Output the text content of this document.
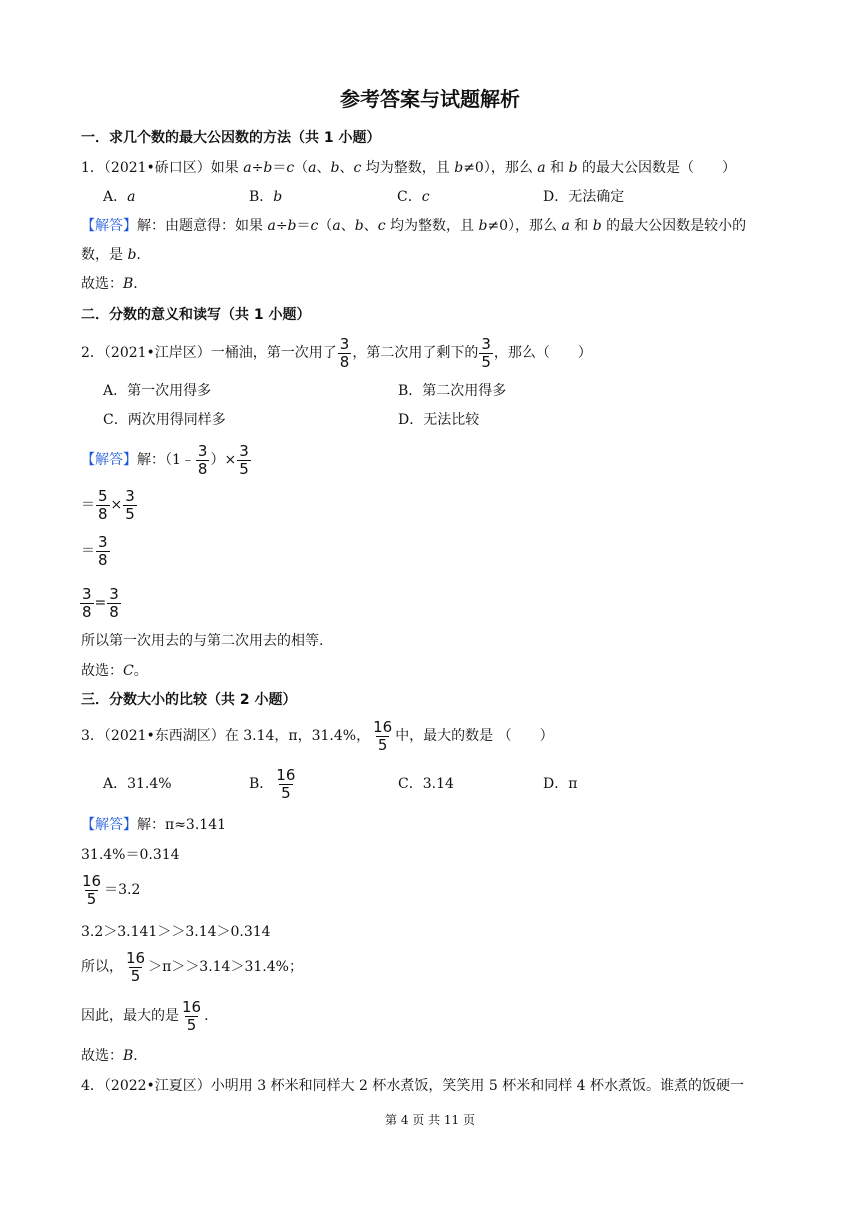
参考答案与试题解析
一．求几个数的最大公因数的方法（共 1 小题）
1．（2021•硚口区）如果 a÷b＝c（a、b、c 均为整数，且 b≠0），那么 a 和 b 的最大公因数是（　　）
A．a	B．b	C．c	D．无法确定
【解答】解：由题意得：如果 a÷b＝c（a、b、c 均为整数，且 b≠0），那么 a 和 b 的最大公因数是较小的
数，是 b.
故选：B.
二．分数的意义和读写（共 1 小题）
2．（2021•江岸区）一桶油，第一次用了 $\frac{3}{8}$ ，第二次用了剩下的 $\frac{3}{5}$ ，那么（　　）
A．第一次用得多	B．第二次用得多
C．两次用得同样多	D．无法比较
【解答】解：（1﹣ $\frac{3}{8}$ ）× $\frac{3}{5}$
＝ $\frac{5}{8} \times \frac{3}{5}$
＝ $\frac{3}{8}$
$\frac{3}{8} = \frac{3}{8}$
所以第一次用去的与第二次用去的相等.
故选：C。
三．分数大小的比较（共 2 小题）
3．（2021•东西湖区）在 3.14，π，31.4%， $\frac{16}{5}$ 中，最大的数是 （　　）
A．31.4%	B． $\frac{16}{5}$	C．3.14	D．π
【解答】解：π≈3.141
31.4%＝0.314
$\frac{16}{5} =3.2$
3.2＞3.141＞＞3.14＞0.314
所以， $\frac{16}{5} >\pi>>3.14>31.4\%$；
因此，最大的是 $\frac{16}{5}$ .
故选：B.
4．（2022•江夏区）小明用 3 杯米和同样大 2 杯水煮饭，笑笑用 5 杯米和同样 4 杯水煮饭。谁煮的饭硬一
第 4 页 共 11 页
